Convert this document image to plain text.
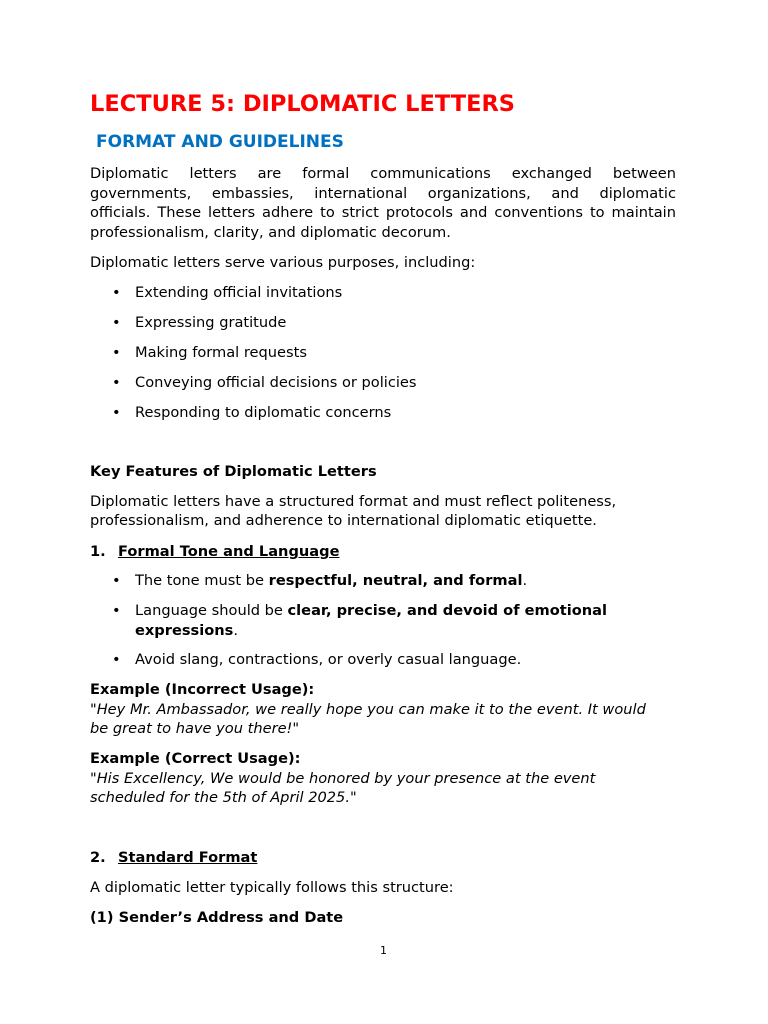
LECTURE 5: DIPLOMATIC LETTERS
FORMAT AND GUIDELINES
Diplomatic letters are formal communications exchanged between
governments, embassies, international organizations, and diplomatic
officials. These letters adhere to strict protocols and conventions to maintain
professionalism, clarity, and diplomatic decorum.
Diplomatic letters serve various purposes, including:
• Extending official invitations
• Expressing gratitude
• Making formal requests
• Conveying official decisions or policies
• Responding to diplomatic concerns
Key Features of Diplomatic Letters
Diplomatic letters have a structured format and must reflect politeness,
professionalism, and adherence to international diplomatic etiquette.
1. Formal Tone and Language
• The tone must be respectful, neutral, and formal.
• Language should be clear, precise, and devoid of emotional
expressions.
• Avoid slang, contractions, or overly casual language.
Example (Incorrect Usage):
"Hey Mr. Ambassador, we really hope you can make it to the event. It would
be great to have you there!"
Example (Correct Usage):
"His Excellency, We would be honored by your presence at the event
scheduled for the 5th of April 2025."
2. Standard Format
A diplomatic letter typically follows this structure:
(1) Sender’s Address and Date
1
